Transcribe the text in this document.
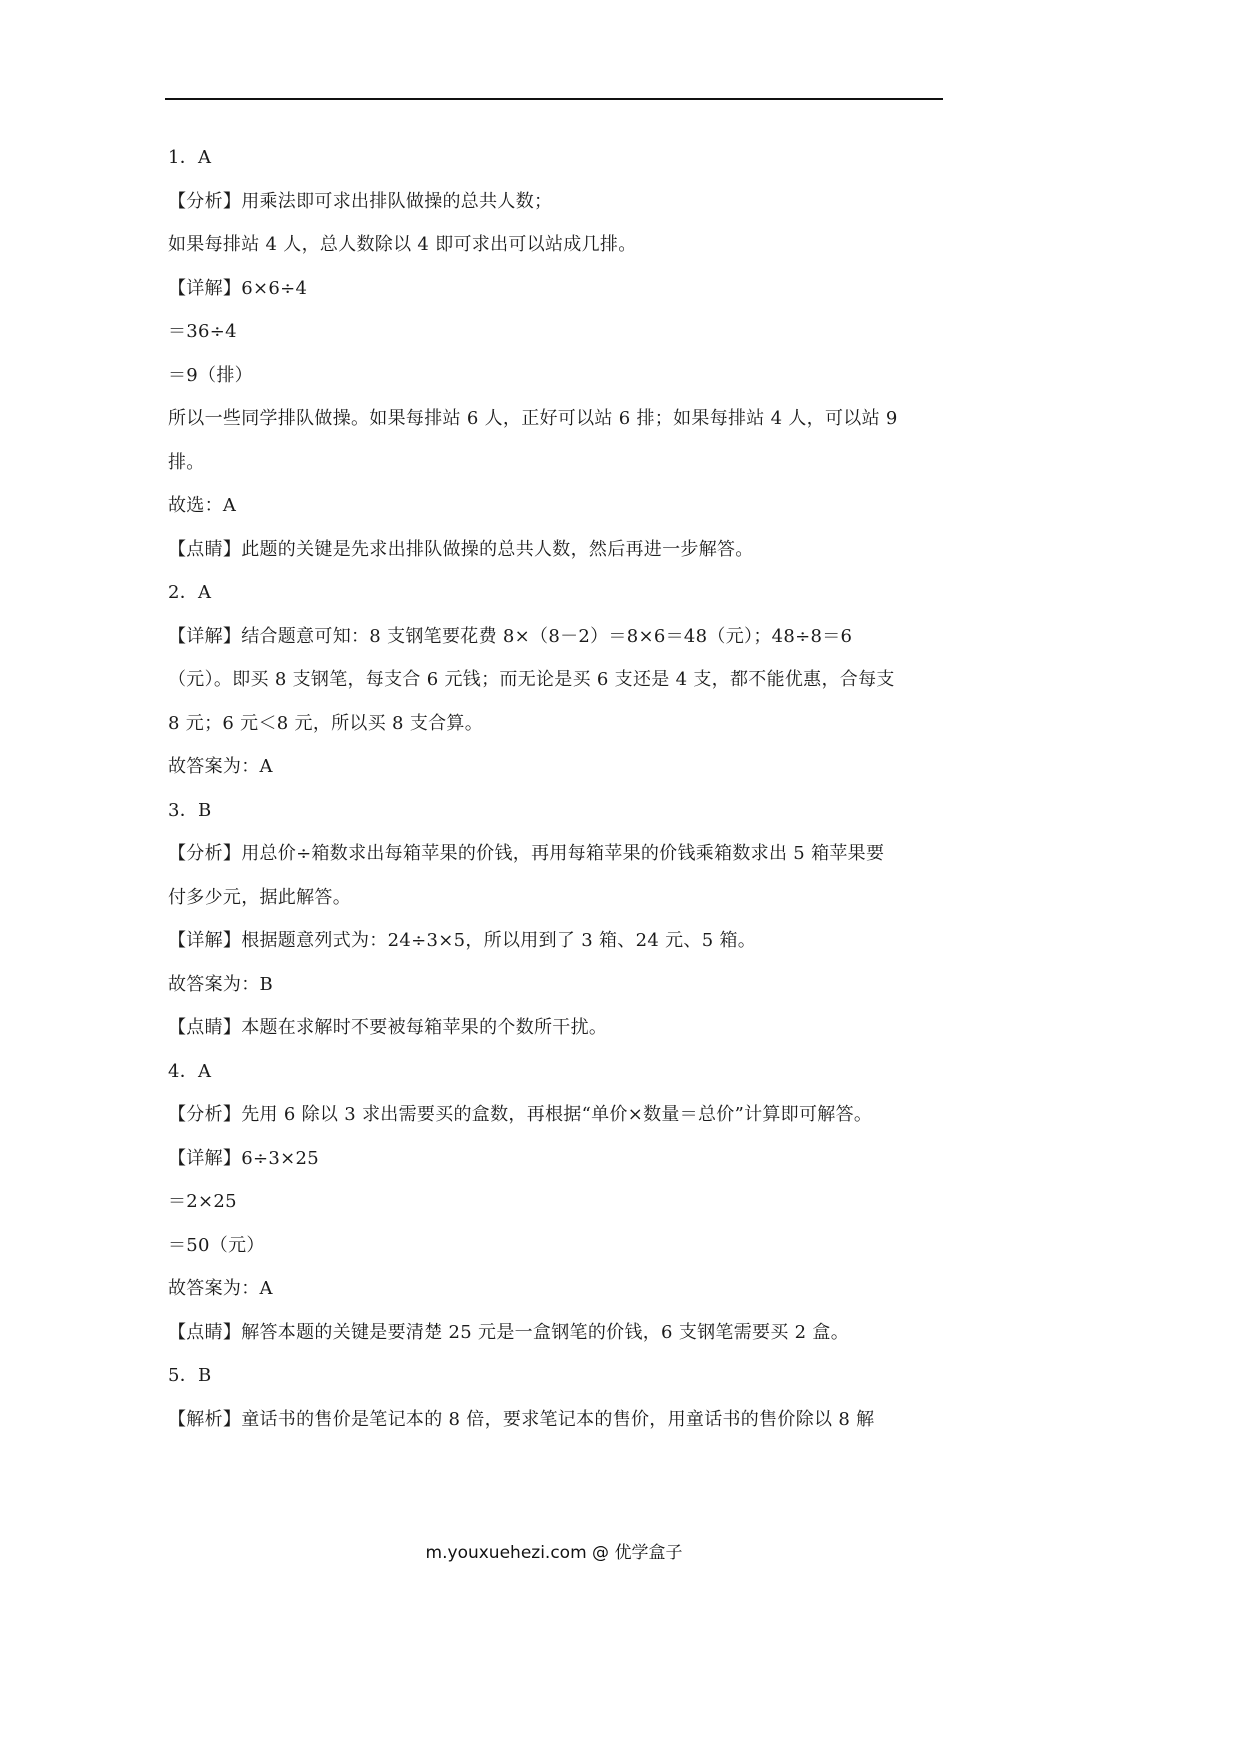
1．A
【分析】用乘法即可求出排队做操的总共人数；
如果每排站 4 人，总人数除以 4 即可求出可以站成几排。
【详解】6×6÷4
＝36÷4
＝9（排）
所以一些同学排队做操。如果每排站 6 人，正好可以站 6 排；如果每排站 4 人，可以站 9
排。
故选：A
【点睛】此题的关键是先求出排队做操的总共人数，然后再进一步解答。
2．A
【详解】结合题意可知：8 支钢笔要花费 8×（8－2）＝8×6＝48（元）；48÷8＝6
（元）。即买 8 支钢笔，每支合 6 元钱；而无论是买 6 支还是 4 支，都不能优惠，合每支
8 元；6 元＜8 元，所以买 8 支合算。
故答案为：A
3．B
【分析】用总价÷箱数求出每箱苹果的价钱，再用每箱苹果的价钱乘箱数求出 5 箱苹果要
付多少元，据此解答。
【详解】根据题意列式为：24÷3×5，所以用到了 3 箱、24 元、5 箱。
故答案为：B
【点睛】本题在求解时不要被每箱苹果的个数所干扰。
4．A
【分析】先用 6 除以 3 求出需要买的盒数，再根据“单价×数量＝总价”计算即可解答。
【详解】6÷3×25
＝2×25
＝50（元）
故答案为：A
【点睛】解答本题的关键是要清楚 25 元是一盒钢笔的价钱，6 支钢笔需要买 2 盒。
5．B
【解析】童话书的售价是笔记本的 8 倍，要求笔记本的售价，用童话书的售价除以 8 解
m.youxuehezi.com @ 优学盒子
